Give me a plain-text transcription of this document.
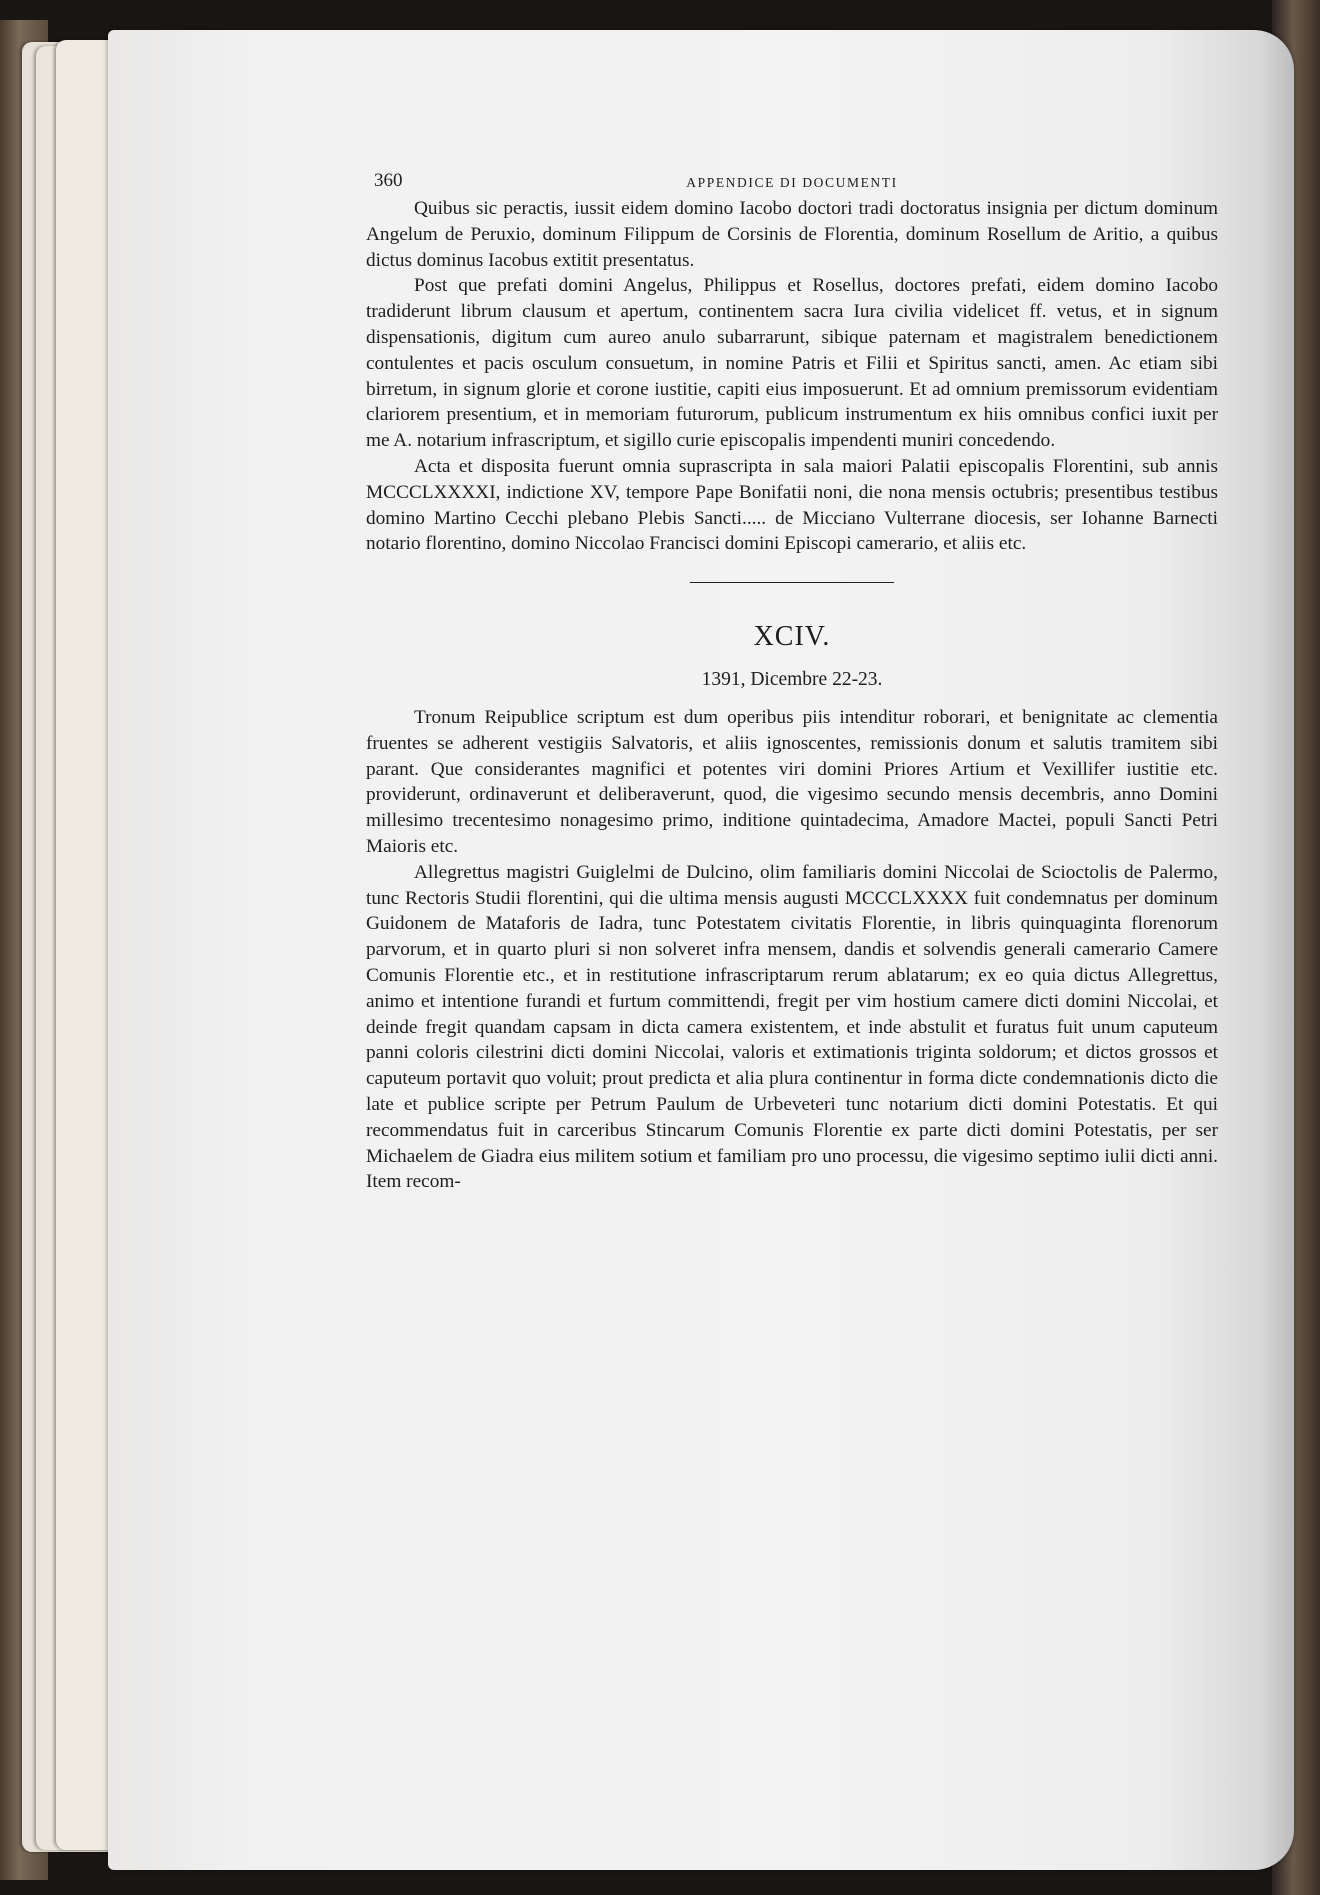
360	APPENDICE DI DOCUMENTI

Quibus sic peractis, iussit eidem domino Iacobo doctori tradi doctoratus insignia per dictum dominum Angelum de Peruxio, dominum Filippum de Corsinis de Florentia, dominum Rosellum de Aritio, a quibus dictus dominus Iacobus extitit presentatus.

Post que prefati domini Angelus, Philippus et Rosellus, doctores prefati, eidem domino Iacobo tradiderunt librum clausum et apertum, continentem sacra Iura civilia videlicet ff. vetus, et in signum dispensationis, digitum cum aureo anulo subarrarunt, sibique paternam et magistralem benedictionem contulentes et pacis osculum consuetum, in nomine Patris et Filii et Spiritus sancti, amen. Ac etiam sibi birretum, in signum glorie et corone iustitie, capiti eius imposuerunt. Et ad omnium premissorum evidentiam clariorem presentium, et in memoriam futurorum, publicum instrumentum ex hiis omnibus confici iuxit per me A. notarium infrascriptum, et sigillo curie episcopalis impendenti muniri concedendo.

Acta et disposita fuerunt omnia suprascripta in sala maiori Palatii episcopalis Florentini, sub annis MCCCLXXXXI, indictione XV, tempore Pape Bonifatii noni, die nona mensis octubris; presentibus testibus domino Martino Cecchi plebano Plebis Sancti..... de Micciano Vulterrane diocesis, ser Iohanne Barnecti notario florentino, domino Niccolao Francisci domini Episcopi camerario, et aliis etc.

XCIV.
1391, Dicembre 22-23.

Tronum Reipublice scriptum est dum operibus piis intenditur roborari, et benignitate ac clementia fruentes se adherent vestigiis Salvatoris, et aliis ignoscentes, remissionis donum et salutis tramitem sibi parant. Que considerantes magnifici et potentes viri domini Priores Artium et Vexillifer iustitie etc. providerunt, ordinaverunt et deliberaverunt, quod, die vigesimo secundo mensis decembris, anno Domini millesimo trecentesimo nonagesimo primo, inditione quintadecima, Amadore Mactei, populi Sancti Petri Maioris etc.

Allegrettus magistri Guiglelmi de Dulcino, olim familiaris domini Niccolai de Scioctolis de Palermo, tunc Rectoris Studii florentini, qui die ultima mensis augusti MCCCLXXXX fuit condemnatus per dominum Guidonem de Mataforis de Iadra, tunc Potestatem civitatis Florentie, in libris quinquaginta florenorum parvorum, et in quarto pluri si non solveret infra mensem, dandis et solvendis generali camerario Camere Comunis Florentie etc., et in restitutione infrascriptarum rerum ablatarum; ex eo quia dictus Allegrettus, animo et intentione furandi et furtum committendi, fregit per vim hostium camere dicti domini Niccolai, et deinde fregit quandam capsam in dicta camera existentem, et inde abstulit et furatus fuit unum caputeum panni coloris cilestrini dicti domini Niccolai, valoris et extimationis triginta soldorum; et dictos grossos et caputeum portavit quo voluit; prout predicta et alia plura continentur in forma dicte condemnationis dicto die late et publice scripte per Petrum Paulum de Urbeveteri tunc notarium dicti domini Potestatis. Et qui recommendatus fuit in carceribus Stincarum Comunis Florentie ex parte dicti domini Potestatis, per ser Michaelem de Giadra eius militem sotium et familiam pro uno processu, die vigesimo septimo iulii dicti anni. Item recom-
